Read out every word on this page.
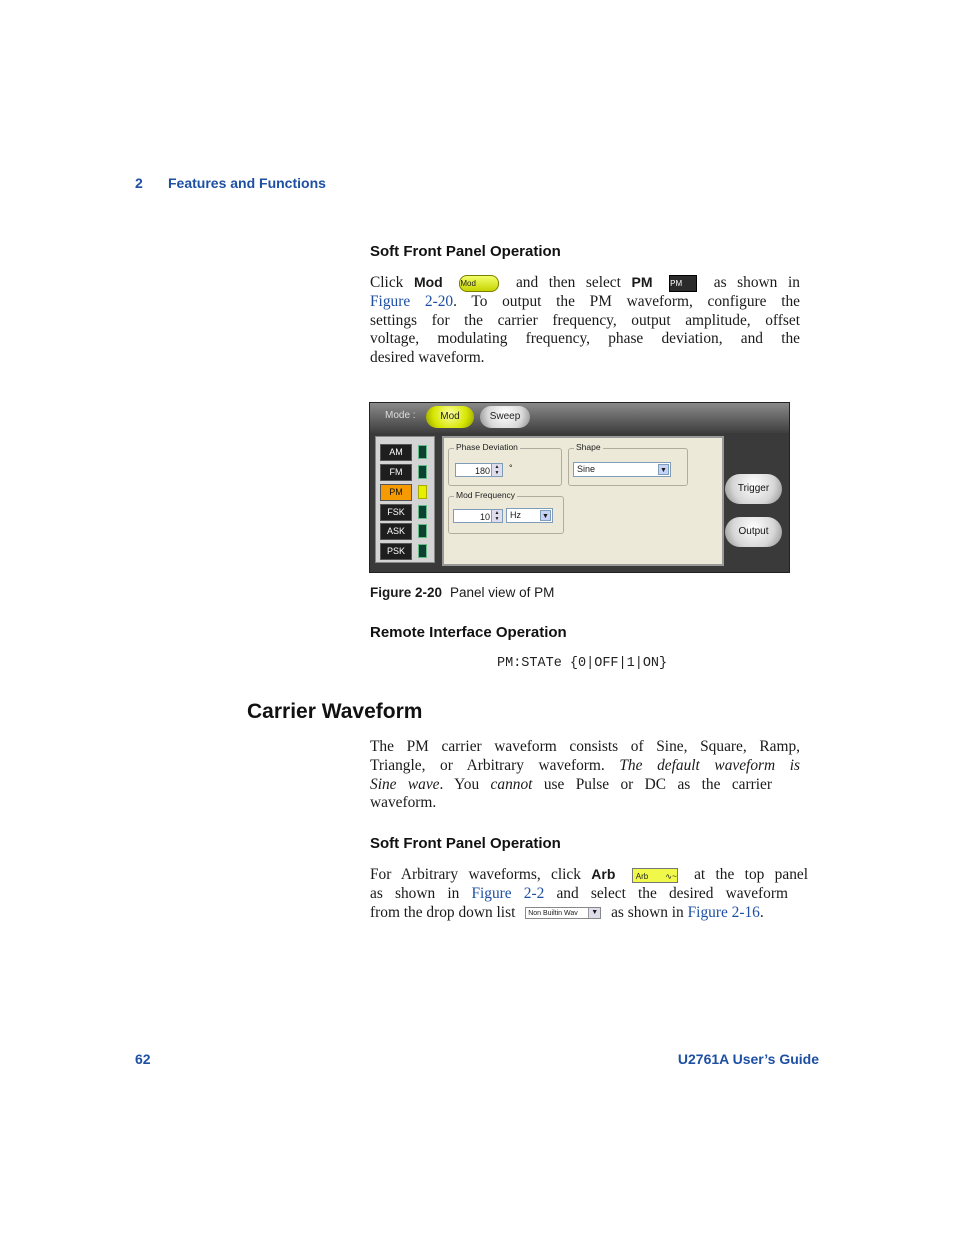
2 Features and Functions
Soft Front Panel Operation
Click Mod Mod	and then select PM PM as shown in
Figure 2-20. To output the PM waveform, configure the
settings for the carrier frequency, output amplitude, offset
voltage, modulating frequency, phase deviation, and the
desired waveform.
Mode :	Mod	Sweep
AM
FM
PM
FSK
ASK
PSK
Phase Deviation
180 ▲
▼ °
Shape
Sine	▼
Mod Frequency
10 ▲
▼	Hz	▼
Trigger
Output
Figure 2-20 Panel view of PM
Remote Interface Operation
PM:STATe {0|OFF|1|ON}
Carrier Waveform
The PM carrier waveform consists of Sine, Square, Ramp,
Triangle, or Arbitrary waveform. The default waveform is
Sine wave. You cannot use Pulse or DC as the carrier
waveform.
Soft Front Panel Operation
For Arbitrary waveforms, click Arb	Arb ∿~ at the top panel
as shown in Figure 2-2 and select the desired waveform
from the drop down list Non Builtin Wav	▼ as shown in Figure 2-16.
62	U2761A User’s Guide
